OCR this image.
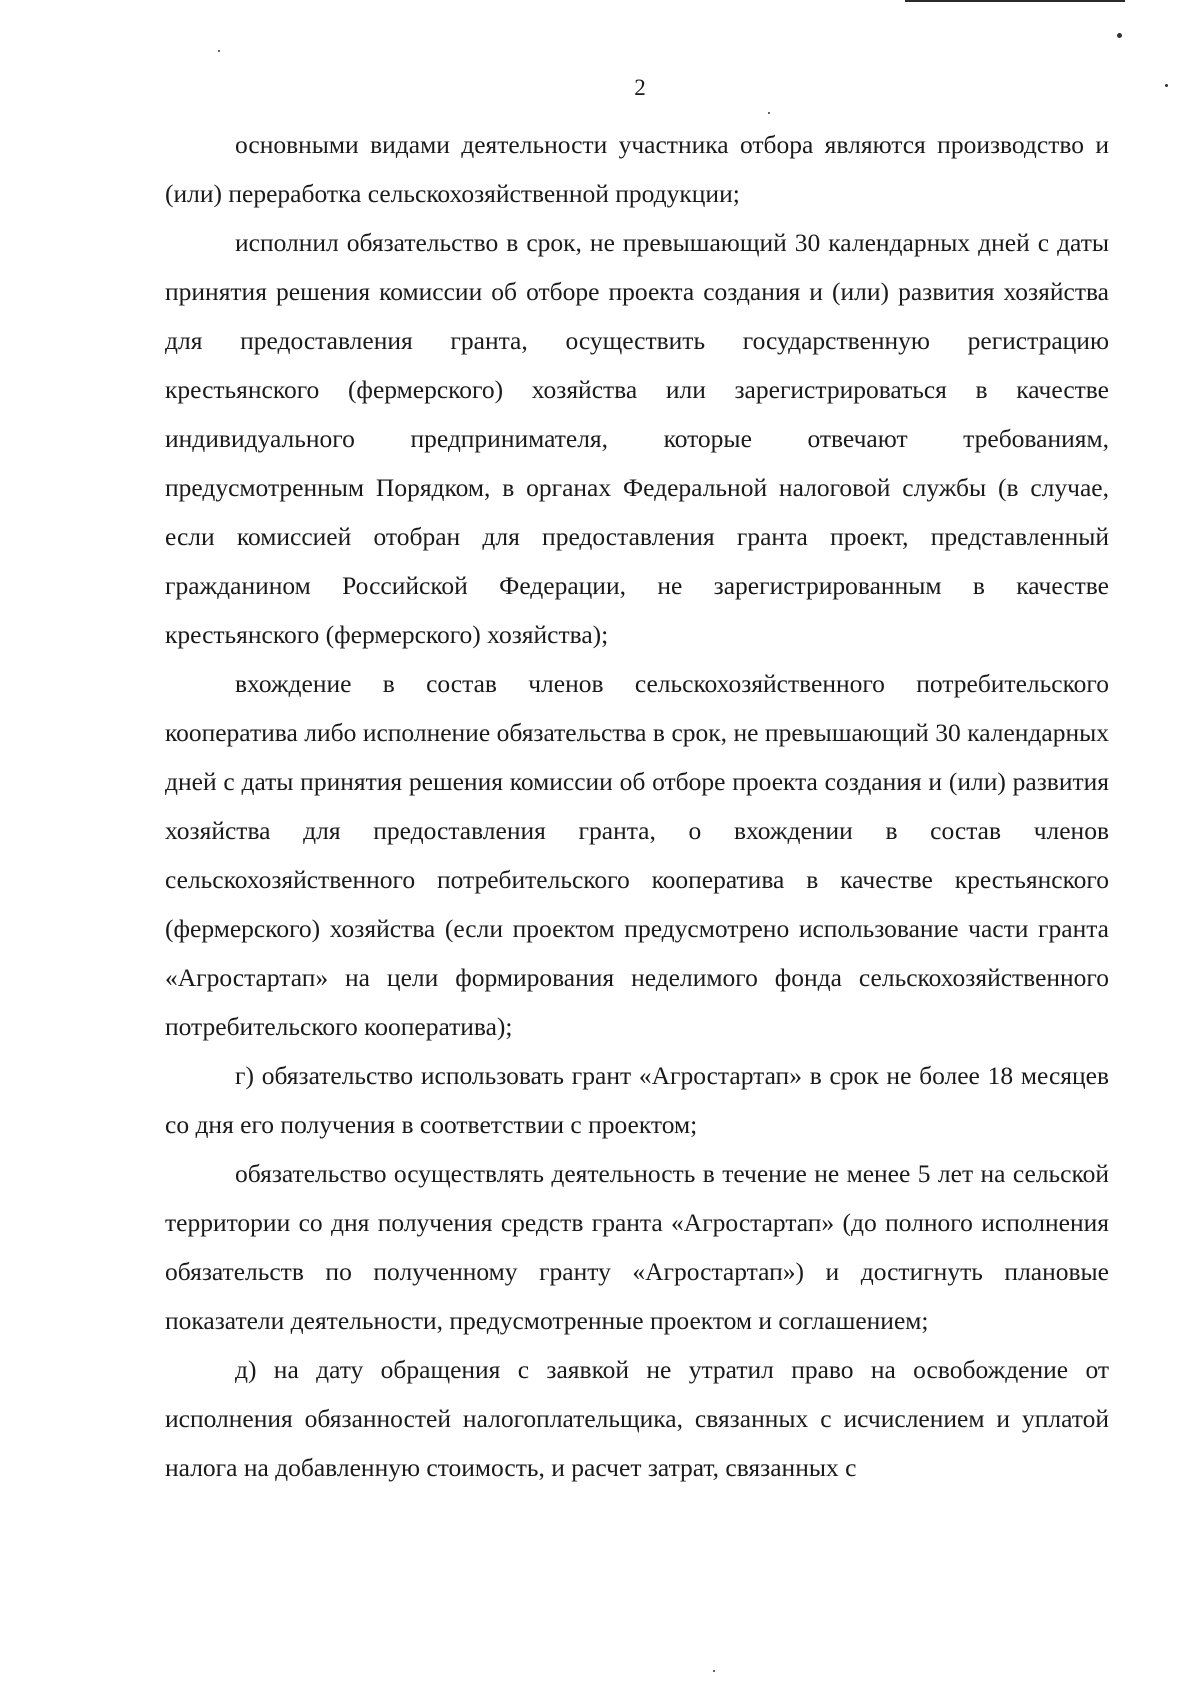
2

основными видами деятельности участника отбора являются производство и (или) переработка сельскохозяйственной продукции;

исполнил обязательство в срок, не превышающий 30 календарных дней с даты принятия решения комиссии об отборе проекта создания и (или) развития хозяйства для предоставления гранта, осуществить государственную регистрацию крестьянского (фермерского) хозяйства или зарегистрироваться в качестве индивидуального предпринимателя, которые отвечают требованиям, предусмотренным Порядком, в органах Федеральной налоговой службы (в случае, если комиссией отобран для предоставления гранта проект, представленный гражданином Российской Федерации, не зарегистрированным в качестве крестьянского (фермерского) хозяйства);

вхождение в состав членов сельскохозяйственного потребительского кооператива либо исполнение обязательства в срок, не превышающий 30 календарных дней с даты принятия решения комиссии об отборе проекта создания и (или) развития хозяйства для предоставления гранта, о вхождении в состав членов сельскохозяйственного потребительского кооператива в качестве крестьянского (фермерского) хозяйства (если проектом предусмотрено использование части гранта «Агростартап» на цели формирования неделимого фонда сельскохозяйственного потребительского кооператива);

г) обязательство использовать грант «Агростартап» в срок не более 18 месяцев со дня его получения в соответствии с проектом;

обязательство осуществлять деятельность в течение не менее 5 лет на сельской территории со дня получения средств гранта «Агростартап» (до полного исполнения обязательств по полученному гранту «Агростартап») и достигнуть плановые показатели деятельности, предусмотренные проектом и соглашением;

д) на дату обращения с заявкой не утратил право на освобождение от исполнения обязанностей налогоплательщика, связанных с исчислением и уплатой налога на добавленную стоимость, и расчет затрат, связанных с
